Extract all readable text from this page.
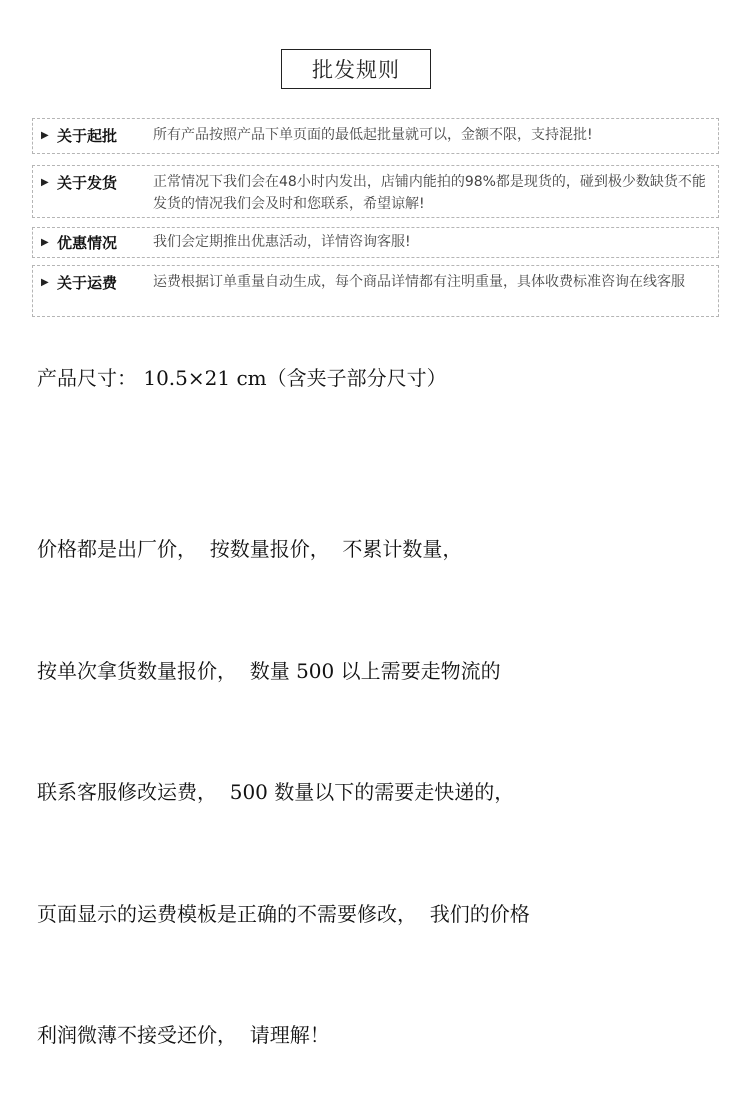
批发规则
▶ 关于起批	所有产品按照产品下单页面的最低起批量就可以，金额不限，支持混批!
▶ 关于发货	正常情况下我们会在48小时内发出，店铺内能拍的98%都是现货的，碰到极少数缺货不能发货的情况我们会及时和您联系，希望谅解!
▶ 优惠情况	我们会定期推出优惠活动，详情咨询客服!
▶ 关于运费	运费根据订单重量自动生成，每个商品详情都有注明重量，具体收费标准咨询在线客服
产品尺寸： 10.5×21 cm（含夹子部分尺寸）

价格都是出厂价，  按数量报价，  不累计数量，

按单次拿货数量报价，  数量 500 以上需要走物流的

联系客服修改运费，  500 数量以下的需要走快递的，

页面显示的运费模板是正确的不需要修改，  我们的价格

利润微薄不接受还价，  请理解！
